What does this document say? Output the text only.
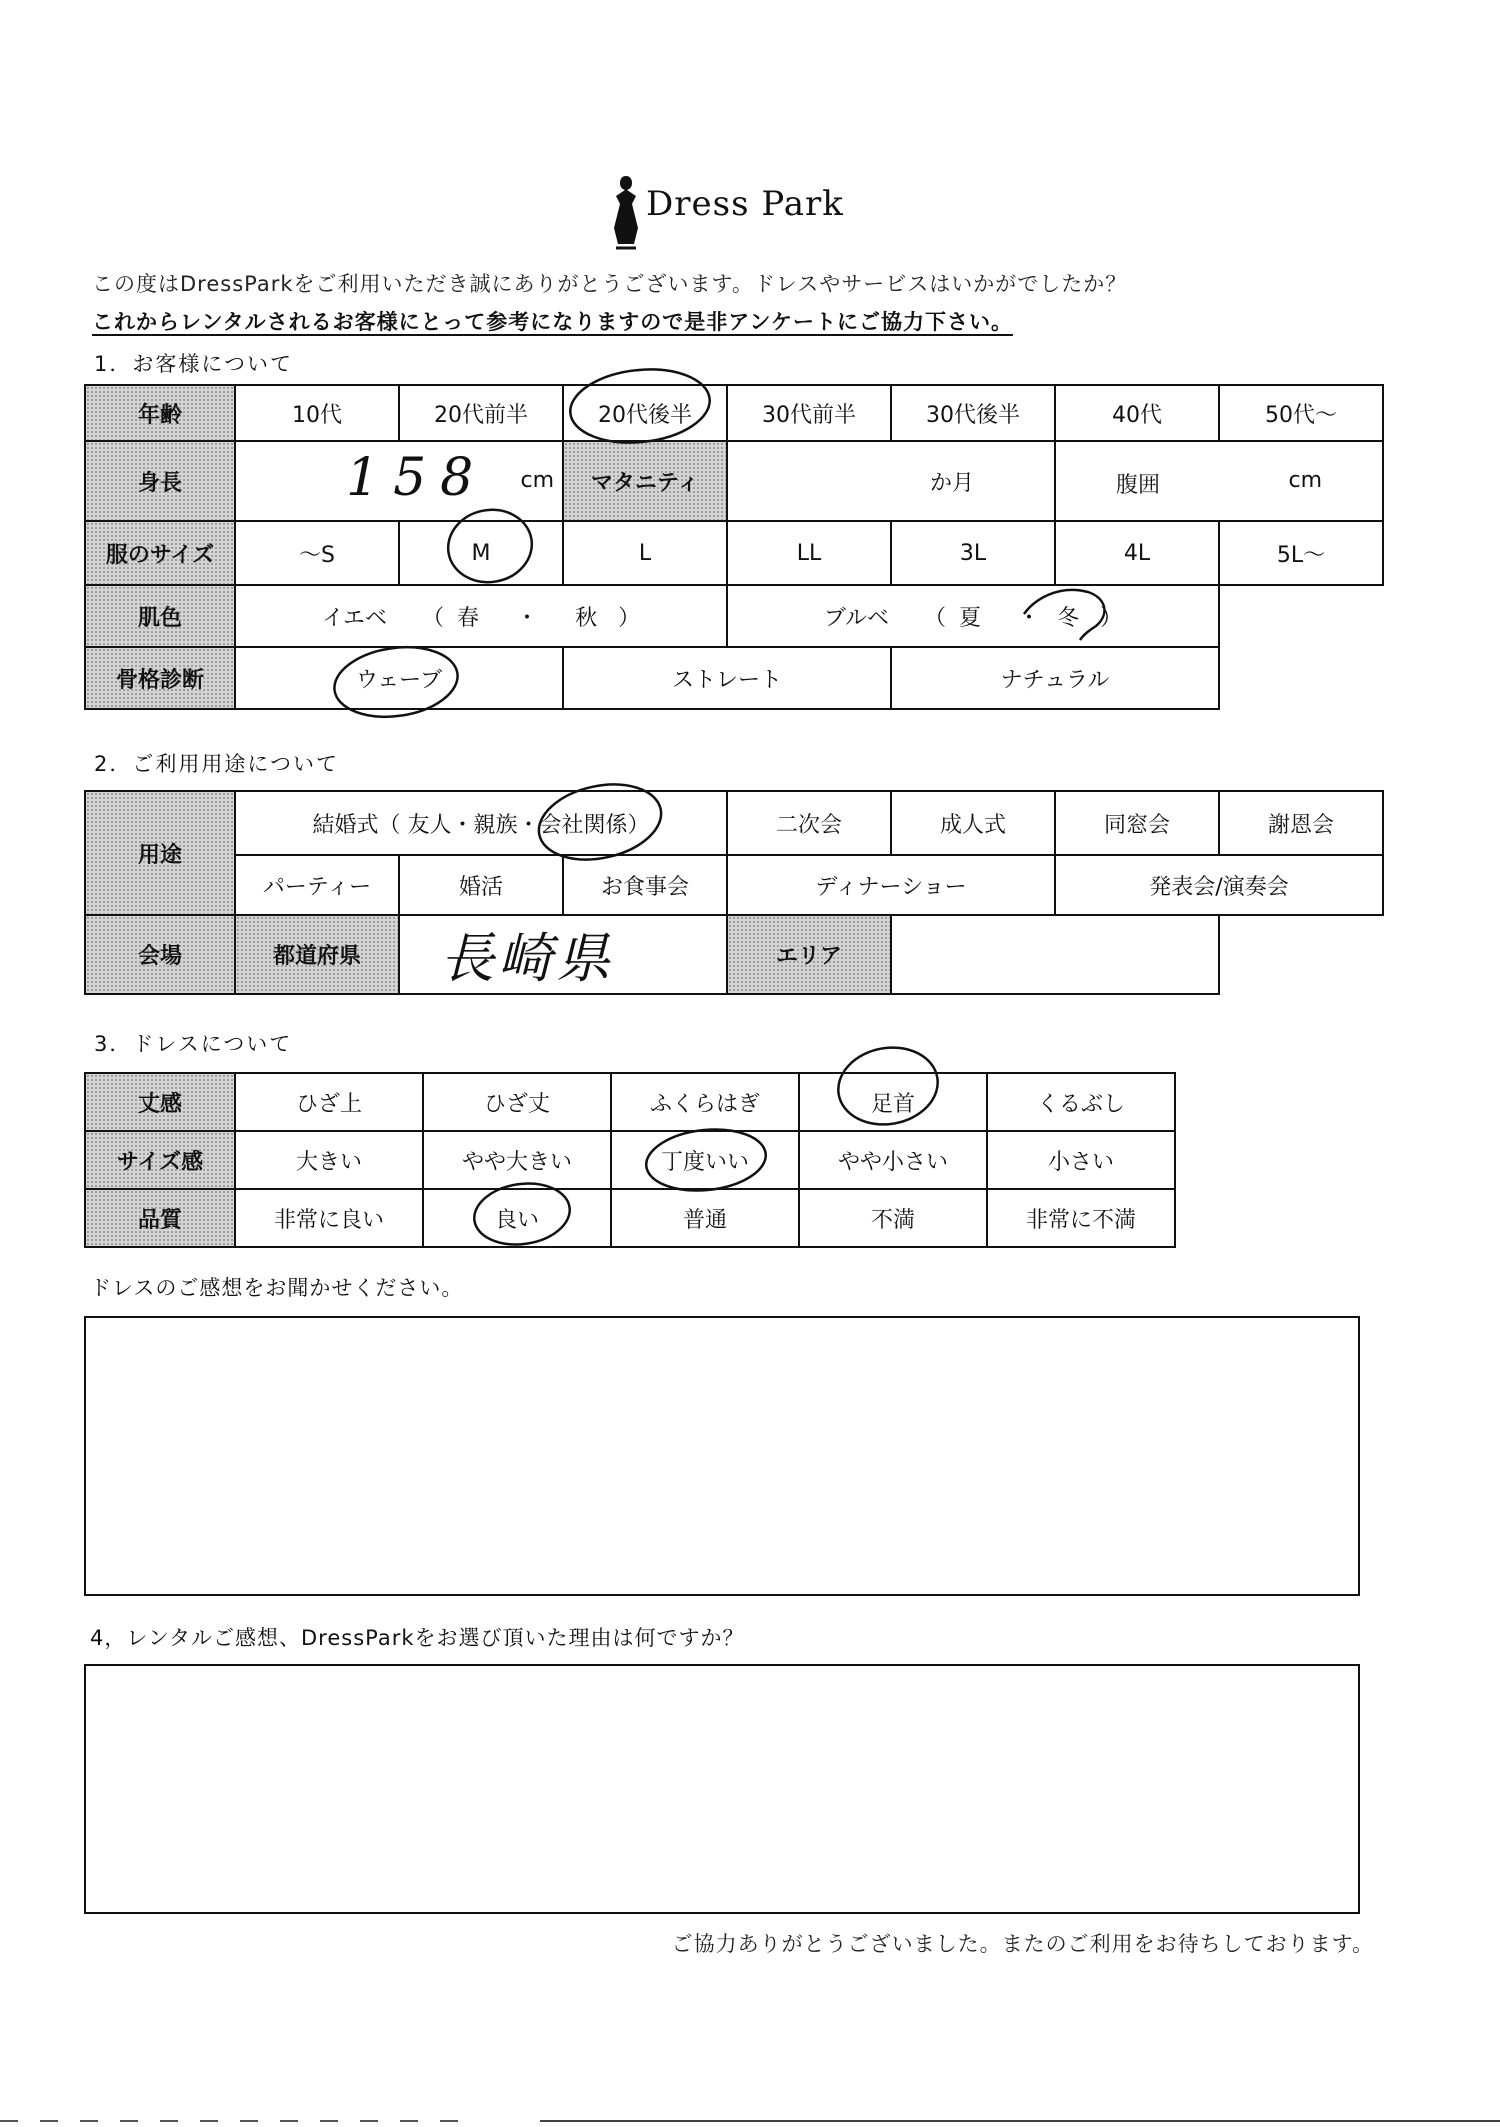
Dress Park
この度はDressParkをご利用いただき誠にありがとうございます。ドレスやサービスはいかがでしたか？
これからレンタルされるお客様にとって参考になりますので是非アンケートにご協力下さい。
1．お客様について
年齢	10代	20代前半	20代後半	30代前半	30代後半	40代	50代～
身長	158 cm		マタニティ	か月		腹囲 cm	

服のサイズ	～S	M	L	LL	3L	4L	5L～
肌色	イエベ （ 春 ・ 秋 ）			ブルベ （ 夏 ・ 冬 ）			
骨格診断	ウェーブ		ストレート		ナチュラル		
2．ご利用用途について
用途	結婚式（ 友人・親族・会社関係）			二次会	成人式	同窓会	謝恩会
	パーティー	婚活	お食事会	ディナーショー		発表会/演奏会	
会場	都道府県	長崎県		エリア			
3．ドレスについて
丈感	ひざ上	ひざ丈	ふくらはぎ	足首	くるぶし
サイズ感	大きい	やや大きい	丁度いい	やや小さい	小さい
品質	非常に良い	良い	普通	不満	非常に不満
ドレスのご感想をお聞かせください。
4，レンタルご感想、DressParkをお選び頂いた理由は何ですか？
ご協力ありがとうございました。またのご利用をお待ちしております。
